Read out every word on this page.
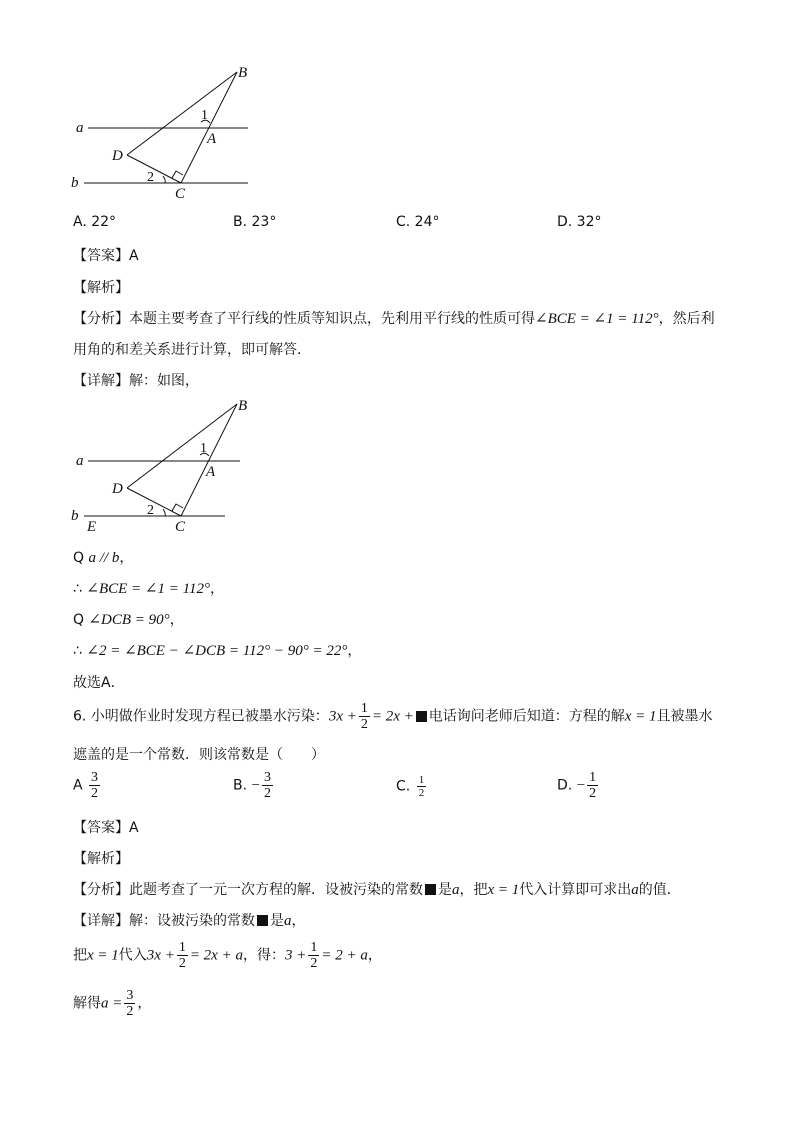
a
b
B
A
D
C
1
2
A. 22°	B. 23°	C. 24°	D. 32°
【答案】A
【解析】
【分析】本题主要考查了平行线的性质等知识点，先利用平行线的性质可得∠BCE = ∠1 = 112°，然后利
用角的和差关系进行计算，即可解答．
【详解】解：如图，
a
b
B
A
D
C
E
1
2
Q a // b，
∴ ∠BCE = ∠1 = 112°，
Q ∠DCB = 90°，
∴ ∠2 = ∠BCE − ∠DCB = 112° − 90° = 22°，
故选A．
6. 小明做作业时发现方程已被墨水污染：$3x + \frac{1}{2} = 2x$ + 电话询问老师后知道：方程的解x = 1且被墨水
遮盖的是一个常数．则该常数是（　　）
A $\frac{3}{2}$	B. − $\frac{3}{2}$	C. $\frac{1}{2}$	D. − $\frac{1}{2}$
【答案】A
【解析】
【分析】此题考查了一元一次方程的解．设被污染的常数 是a，把x = 1代入计算即可求出a的值．
【详解】解：设被污染的常数 是a，
把x = 1代入$3x + \frac{1}{2} = 2x + a$，得：$3 + \frac{1}{2} = 2 + a$，
解得$a = \frac{3}{2}$ ，
